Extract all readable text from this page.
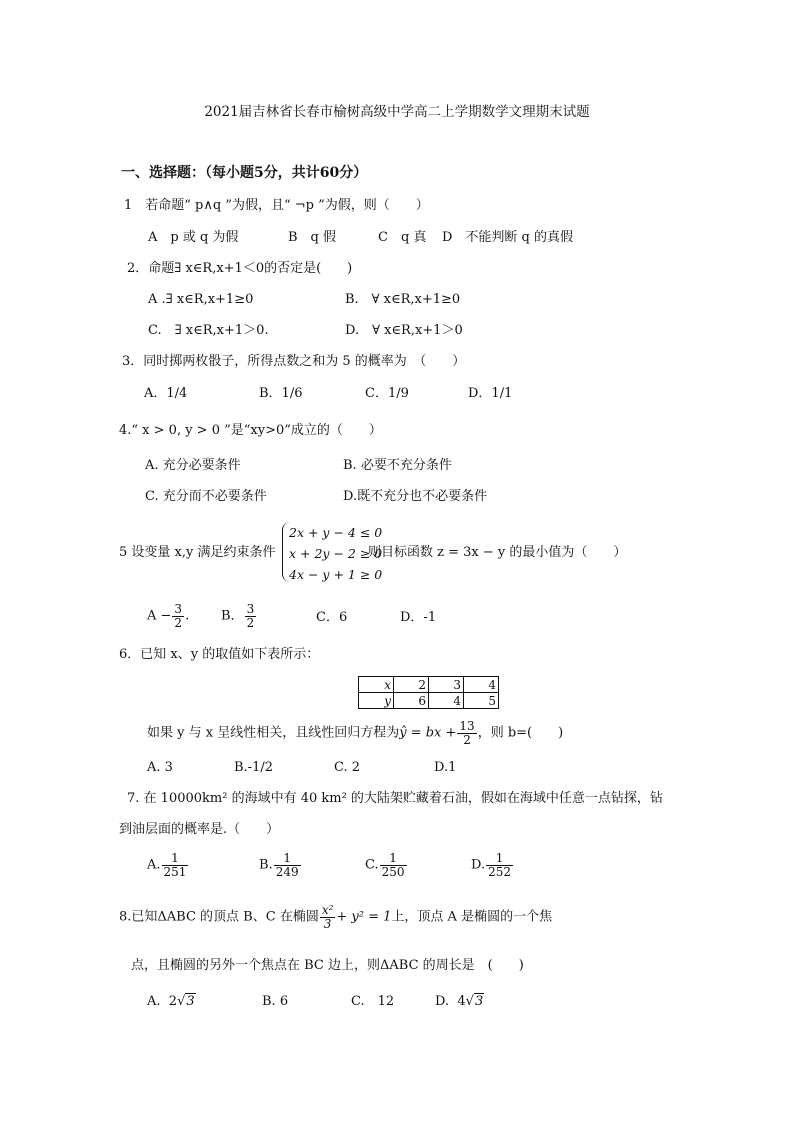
2021届吉林省长春市榆树高级中学高二上学期数学文理期末试题
一、选择题：（每小题5分，共计60分）
1　若命题“ p∧q ”为假，且“ ¬p ”为假，则（　　）
A　p 或 q 为假	B　q 假	C　q 真 D　不能判断 q 的真假
2．命题∃ x∈R,x+1＜0的否定是(　　)
A .∃ x∈R,x+1≥0	B.　∀ x∈R,x+1≥0
C.　∃ x∈R,x+1＞0.	D.　∀ x∈R,x+1＞0
3．同时掷两枚骰子，所得点数之和为 5 的概率为　（　　）
A．1/4	B．1/6	C．1/9	D．1/1
4.“ x > 0, y > 0 ”是“xy>0”成立的（　　）
A. 充分必要条件	B. 必要不充分条件
C. 充分而不必要条件	D.既不充分也不必要条件
5 设变量 x,y 满足约束条件
2x + y − 4 ≤ 0
x + 2y − 2 ≥ 0
4x − y + 1 ≥ 0
则目标函数 z = 3x − y 的最小值为（　　）
$A - \frac{3}{2}$ . B． $\frac{3}{2}$	C．6	D．-1
6．已知 x、y 的取值如下表所示：
x	2	3	4
y	6	4	5
如果 y 与 x 呈线性相关，且线性回归方程为ŷ = bx + $\frac{13}{2}$ ，则 b=(　　)
A. 3	B.-1/2	C. 2	D.1
7. 在 10000km² 的海域中有 40 km² 的大陆架贮藏着石油，假如在海域中任意一点钻探，钻
到油层面的概率是.（　　）
A. $\frac{1}{251}$	B. $\frac{1}{249}$	C. $\frac{1}{250}$	D. $\frac{1}{252}$
8.已知ΔABC 的顶点 B、C 在椭圆 $\frac{\text{x²}}{3} + y^2 = 1$上，顶点 A 是椭圆的一个焦
点，且椭圆的另外一个焦点在 BC 边上，则ΔABC 的周长是　(　　)
A. 2√3	B. 6	C.　12	D. 4√3
